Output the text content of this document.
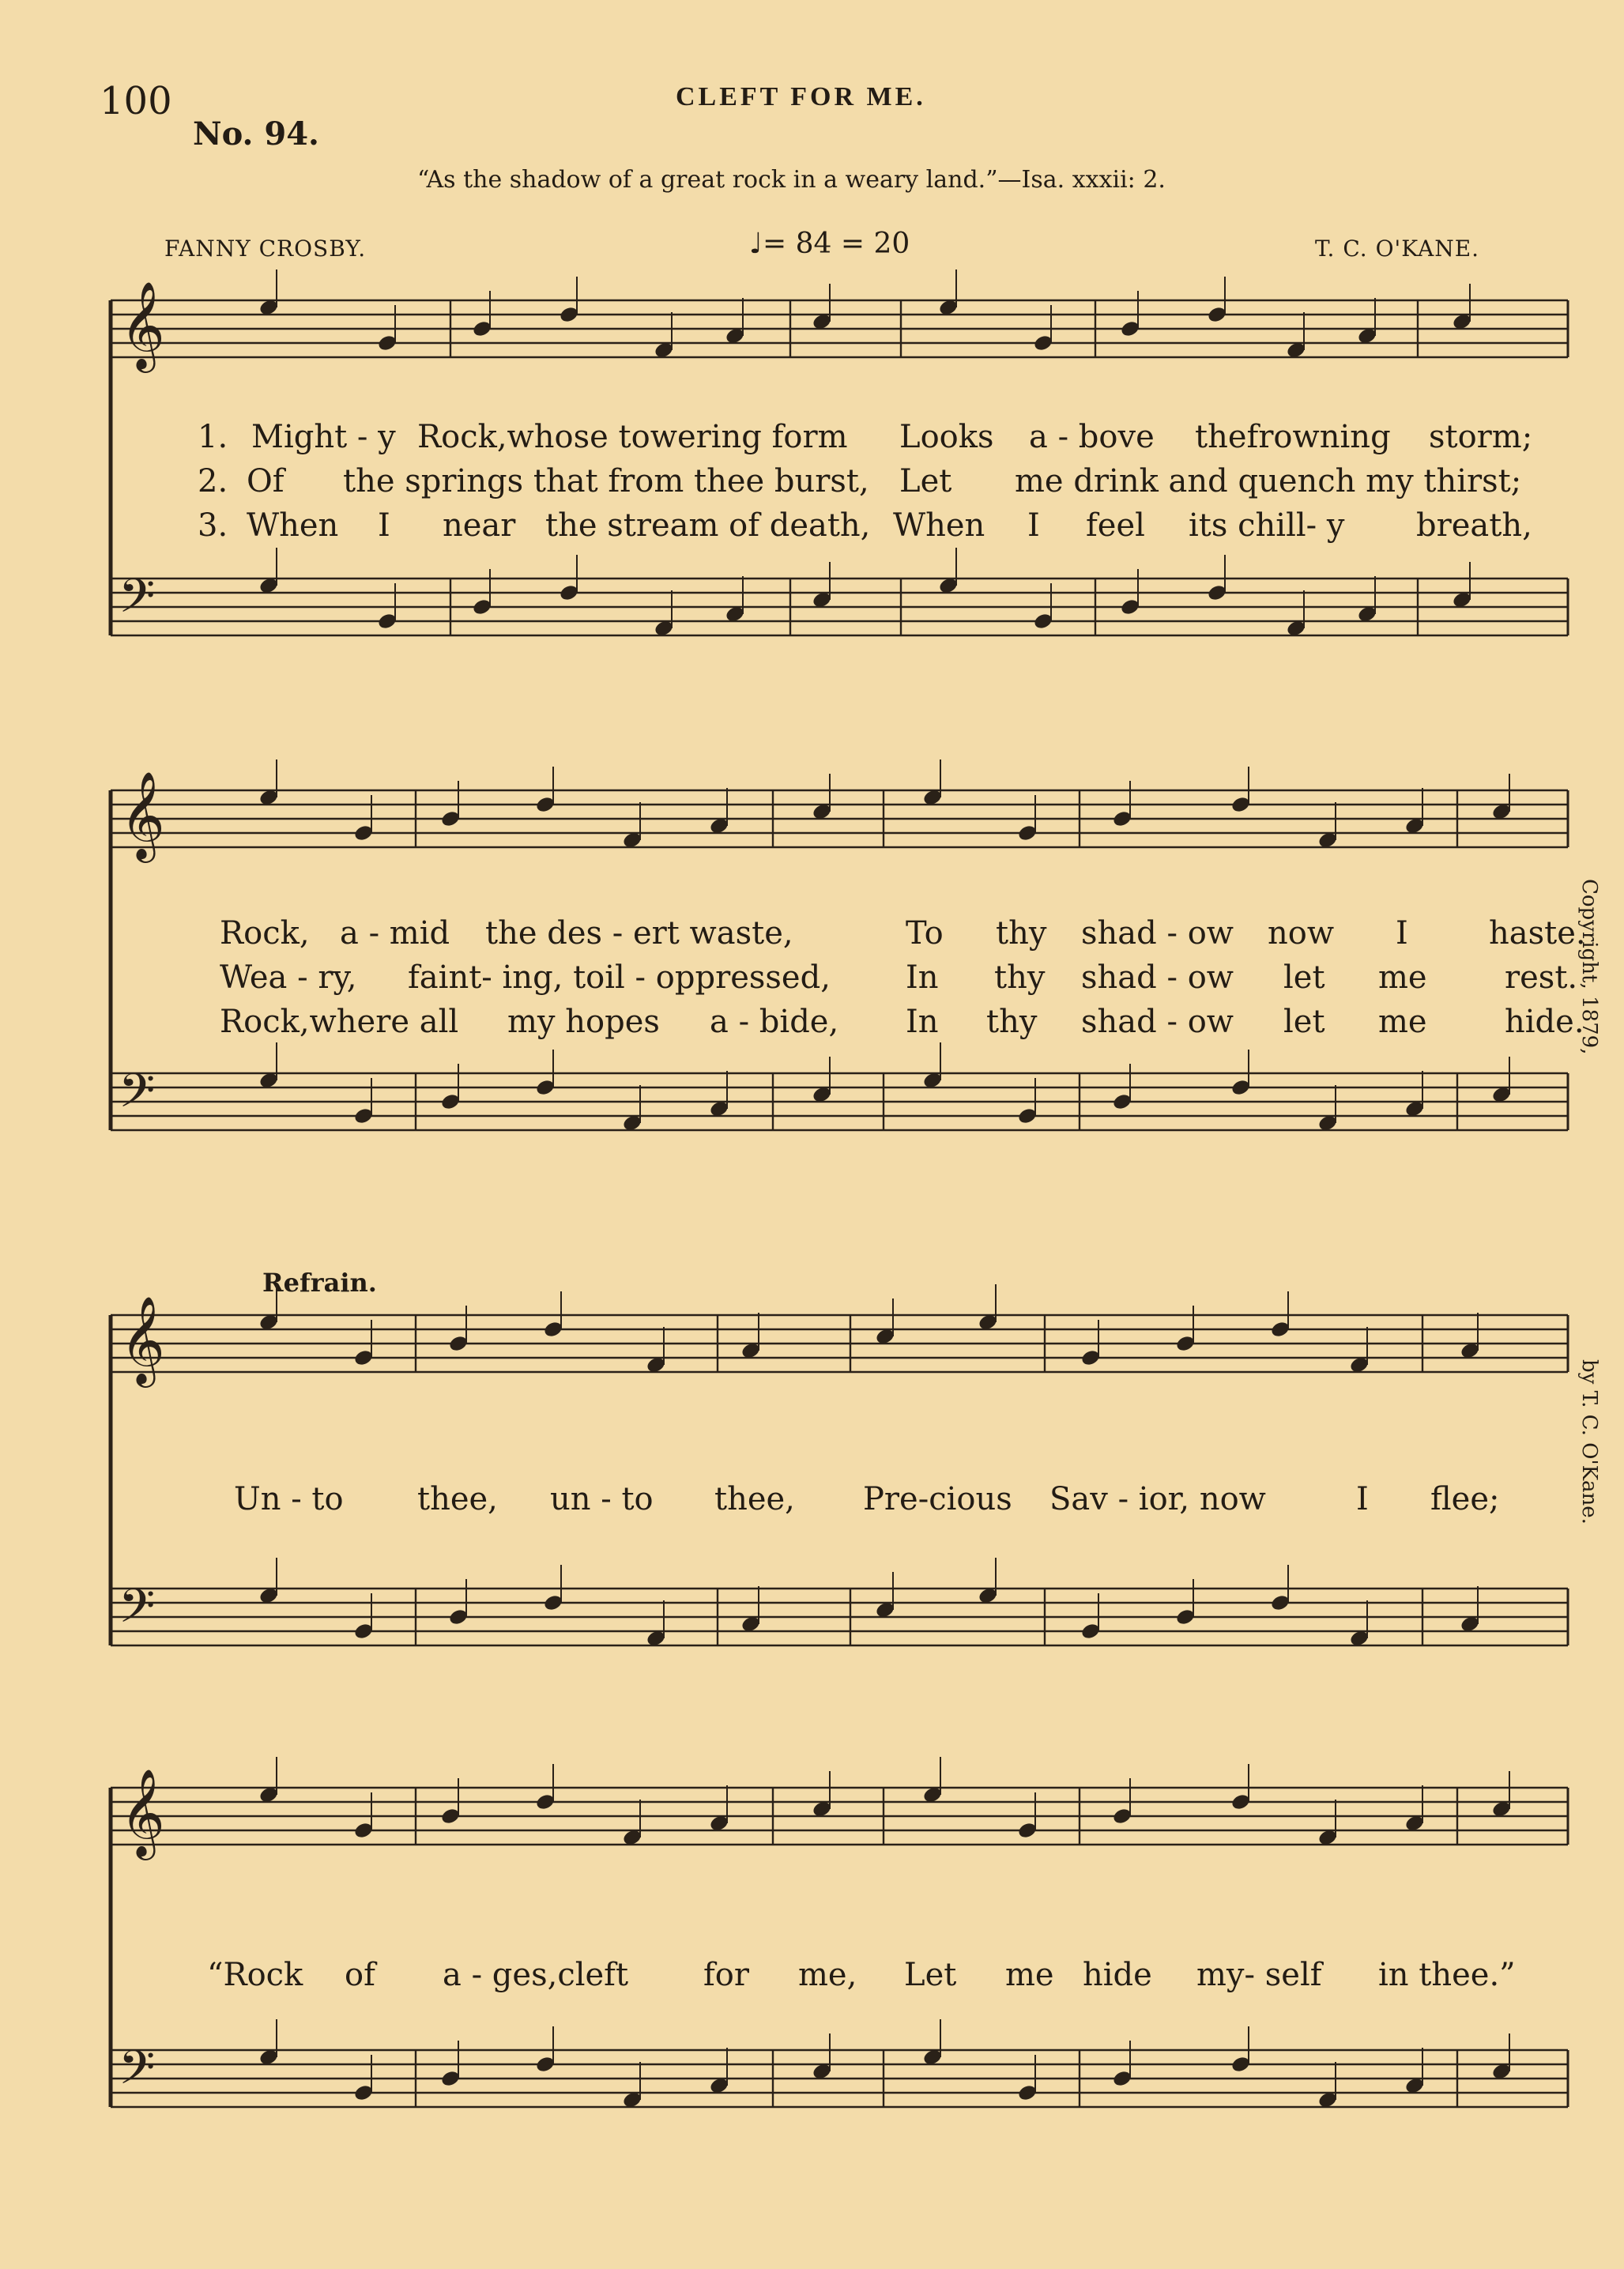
100	CLEFT FOR ME.
No. 94.
“As the shadow of a great rock in a weary land.”—Isa. xxxii: 2.
FANNY CROSBY.	♩= 84 = 20	T. C. O'KANE.
Refrain.
Copyright, 1879,
by T. C. O'Kane.
𝄞
𝄢
𝄞
𝄢
𝄞
𝄢
𝄞
𝄢
1. Might - y Rock,whose towering form Looks a - bove thefrowning storm;
2. Of the springs that from thee burst, Let me drink and quench my thirst;
3. When I near the stream of death, When I feel its chill- y breath,
Rock, a - mid the des - ert waste,	To thy shad - ow now I	haste.
Wea - ry, faint- ing, toil - oppressed, In thy shad - ow let me rest.
Rock,where all my hopes a - bide, In thy shad - ow let me hide.
Un - to thee, un - to thee, Pre-cious Sav - ior, now	I flee;
“Rock of a - ges,cleft for me, Let me hide my- self in thee.”
